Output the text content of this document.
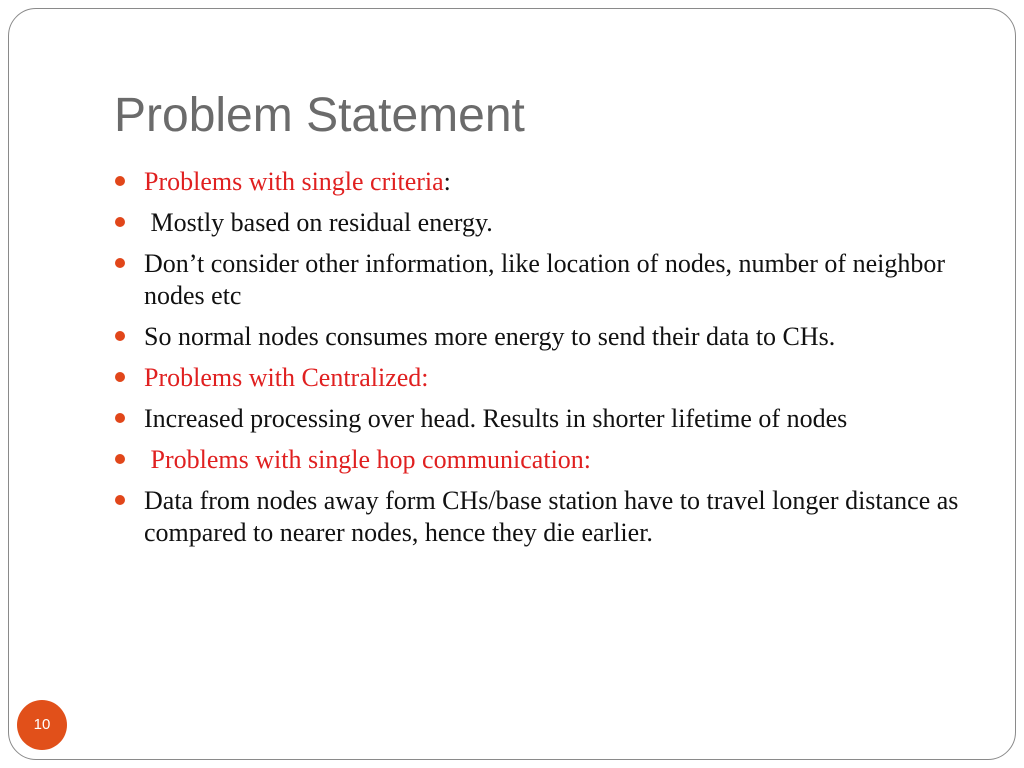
Problem Statement
Problems with single criteria:
Mostly based on residual energy.
Don’t consider other information, like location of nodes, number of neighbor nodes etc
So normal nodes consumes more energy to send their data to CHs.
Problems with Centralized:
Increased processing over head. Results in shorter lifetime of nodes
Problems with single hop communication:
Data from nodes away form CHs/base station have to travel longer distance as compared to nearer nodes, hence they die earlier.
10
